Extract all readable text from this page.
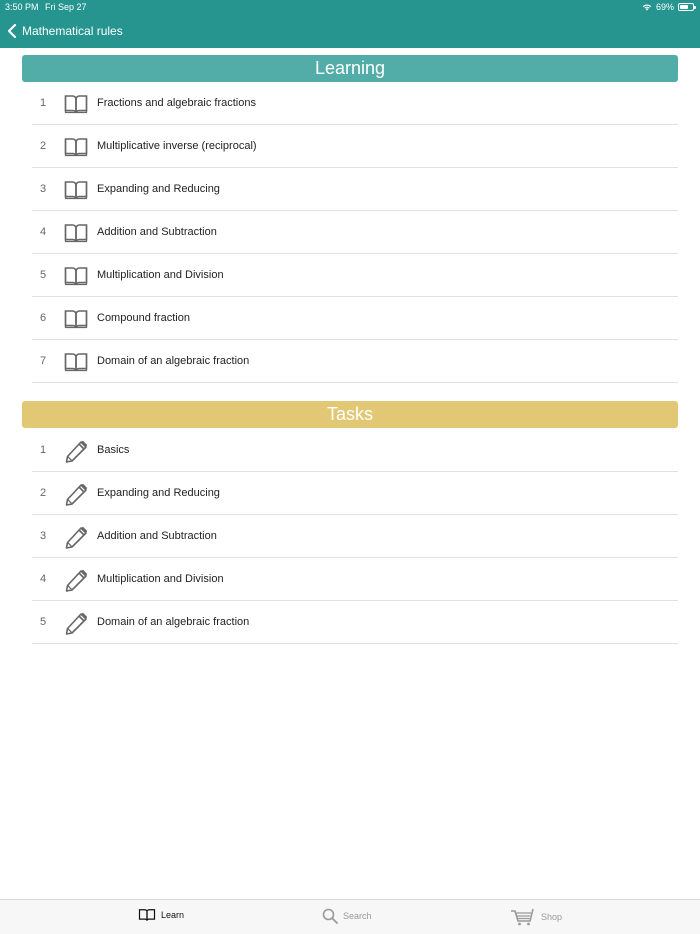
3:50 PM Fri Sep 27	69%
Mathematical rules
Learning
1	Fractions and algebraic fractions
2	Multiplicative inverse (reciprocal)
3	Expanding and Reducing
4	Addition and Subtraction
5	Multiplication and Division
6	Compound fraction
7	Domain of an algebraic fraction
Tasks
1	Basics
2	Expanding and Reducing
3	Addition and Subtraction
4	Multiplication and Division
5	Domain of an algebraic fraction
Learn	Search	Shop
